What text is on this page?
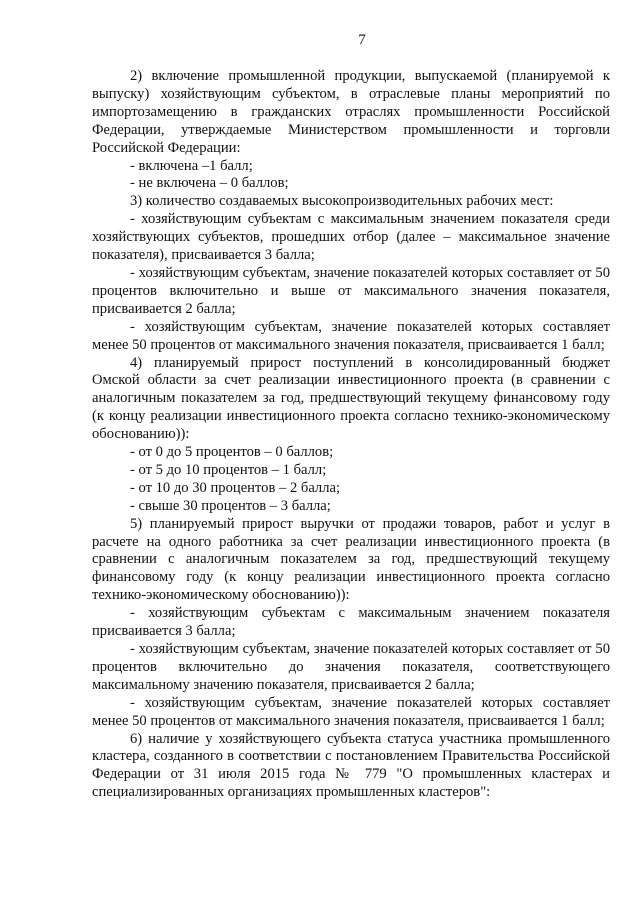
7

2) включение промышленной продукции, выпускаемой (планируемой к выпуску) хозяйствующим субъектом, в отраслевые планы мероприятий по импортозамещению в гражданских отраслях промышленности Российской Федерации, утверждаемые Министерством промышленности и торговли Российской Федерации:

- включена –1 балл;

- не включена – 0 баллов;

3) количество создаваемых высокопроизводительных рабочих мест:

- хозяйствующим субъектам с максимальным значением показателя среди хозяйствующих субъектов, прошедших отбор (далее – максимальное значение показателя), присваивается 3 балла;

- хозяйствующим субъектам, значение показателей которых составляет от 50 процентов включительно и выше от максимального значения показателя, присваивается 2 балла;

- хозяйствующим субъектам, значение показателей которых составляет менее 50 процентов от максимального значения показателя, присваивается 1 балл;

4) планируемый прирост поступлений в консолидированный бюджет Омской области за счет реализации инвестиционного проекта (в сравнении с аналогичным показателем за год, предшествующий текущему финансовому году (к концу реализации инвестиционного проекта согласно технико-экономическому обоснованию)):

- от 0 до 5 процентов – 0 баллов;

- от 5 до 10 процентов – 1 балл;

- от 10 до 30 процентов – 2 балла;

- свыше 30 процентов – 3 балла;

5) планируемый прирост выручки от продажи товаров, работ и услуг в расчете на одного работника за счет реализации инвестиционного проекта (в сравнении с аналогичным показателем за год, предшествующий текущему финансовому году (к концу реализации инвестиционного проекта согласно технико-экономическому обоснованию)):

- хозяйствующим субъектам с максимальным значением показателя присваивается 3 балла;

- хозяйствующим субъектам, значение показателей которых составляет от 50 процентов включительно до значения показателя, соответствующего максимальному значению показателя, присваивается 2 балла;

- хозяйствующим субъектам, значение показателей которых составляет менее 50 процентов от максимального значения показателя, присваивается 1 балл;

6) наличие у хозяйствующего субъекта статуса участника промышленного кластера, созданного в соответствии с постановлением Правительства Российской Федерации от 31 июля 2015 года № 779 "О промышленных кластерах и специализированных организациях промышленных кластеров":
